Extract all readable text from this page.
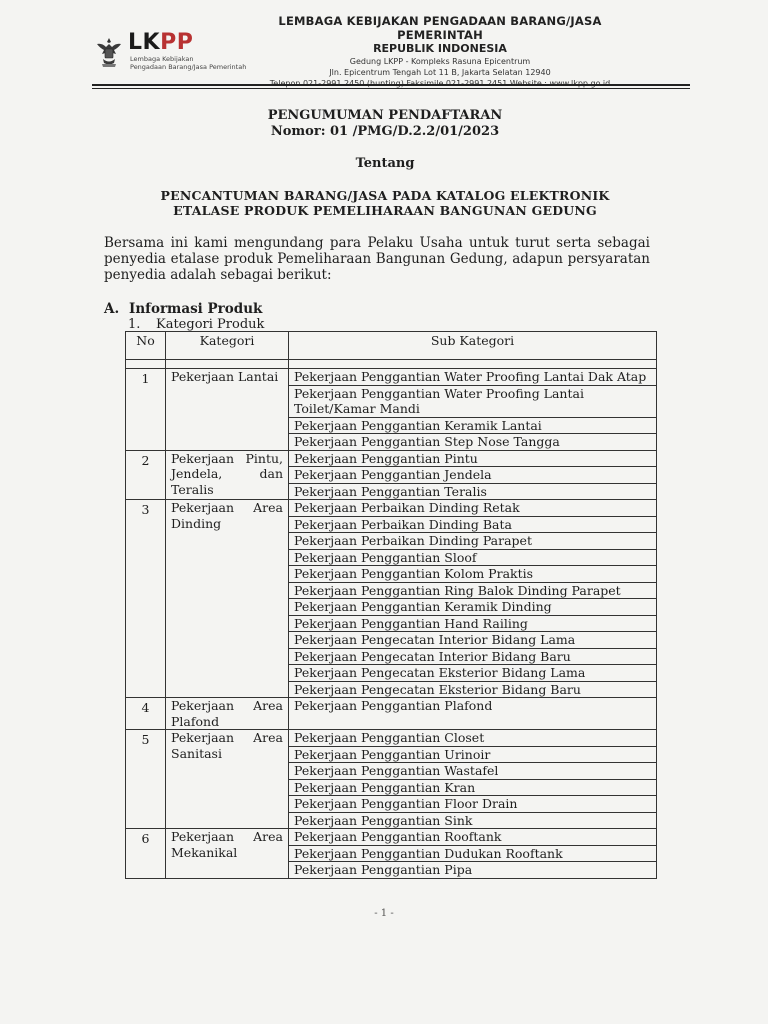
LKPP
Lembaga Kebijakan
Pengadaan Barang/Jasa Pemerintah
LEMBAGA KEBIJAKAN PENGADAAN BARANG/JASA PEMERINTAH
REPUBLIK INDONESIA
Gedung LKPP - Kompleks Rasuna Epicentrum
Jln. Epicentrum Tengah Lot 11 B, Jakarta Selatan 12940
Telepon 021-2991 2450 (hunting) Faksimile 021-2991 2451 Website : www.lkpp.go.id
PENGUMUMAN PENDAFTARAN
Nomor: 01 /PMG/D.2.2/01/2023
Tentang
PENCANTUMAN BARANG/JASA PADA KATALOG ELEKTRONIK
ETALASE PRODUK PEMELIHARAAN BANGUNAN GEDUNG
Bersama ini kami mengundang para Pelaku Usaha untuk turut serta sebagai penyedia etalase produk Pemeliharaan Bangunan Gedung, adapun persyaratan penyedia adalah sebagai berikut:
A. Informasi Produk
1. Kategori Produk
No	Kategori	Sub Kategori

1	Pekerjaan Lantai	Pekerjaan Penggantian Water Proofing Lantai Dak Atap
		Pekerjaan Penggantian Water Proofing Lantai Toilet/Kamar Mandi
		Pekerjaan Penggantian Keramik Lantai
		Pekerjaan Penggantian Step Nose Tangga
2	Pekerjaan Pintu, Jendela, dan Teralis	Pekerjaan Penggantian Pintu
		Pekerjaan Penggantian Jendela
		Pekerjaan Penggantian Teralis
3	Pekerjaan Area Dinding	Pekerjaan Perbaikan Dinding Retak
		Pekerjaan Perbaikan Dinding Bata
		Pekerjaan Perbaikan Dinding Parapet
		Pekerjaan Penggantian Sloof
		Pekerjaan Penggantian Kolom Praktis
		Pekerjaan Penggantian Ring Balok Dinding Parapet
		Pekerjaan Penggantian Keramik Dinding
		Pekerjaan Penggantian Hand Railing
		Pekerjaan Pengecatan Interior Bidang Lama
		Pekerjaan Pengecatan Interior Bidang Baru
		Pekerjaan Pengecatan Eksterior Bidang Lama
		Pekerjaan Pengecatan Eksterior Bidang Baru
4	Pekerjaan Area Plafond	Pekerjaan Penggantian Plafond
5	Pekerjaan Area Sanitasi	Pekerjaan Penggantian Closet
		Pekerjaan Penggantian Urinoir
		Pekerjaan Penggantian Wastafel
		Pekerjaan Penggantian Kran
		Pekerjaan Penggantian Floor Drain
		Pekerjaan Penggantian Sink
6	Pekerjaan Area Mekanikal	Pekerjaan Penggantian Rooftank
		Pekerjaan Penggantian Dudukan Rooftank
		Pekerjaan Penggantian Pipa
- 1 -
